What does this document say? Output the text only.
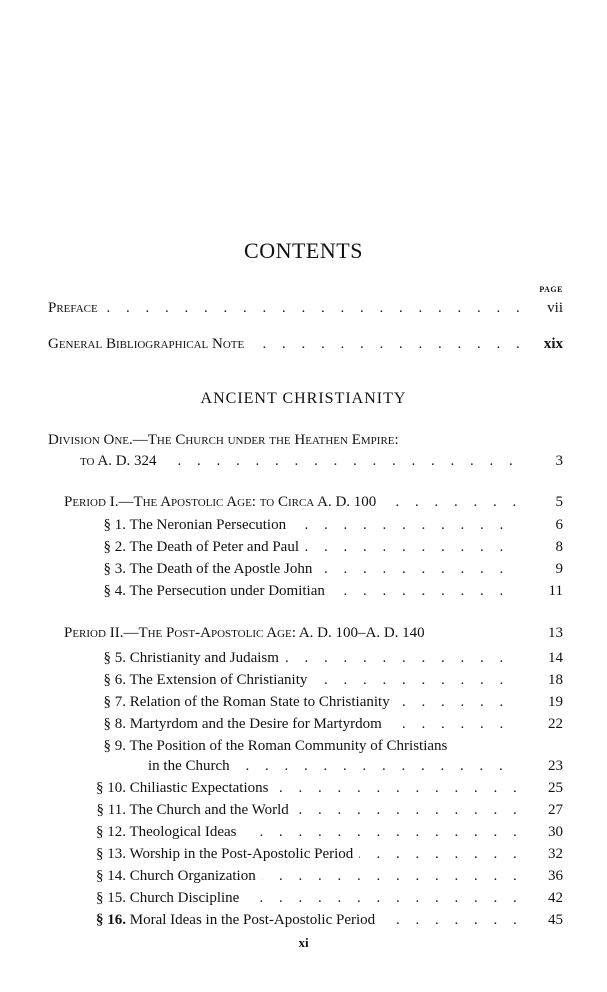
CONTENTS
PAGE
. . .
Preface	vii
. . .
General Bibliographical Note	xix
ANCIENT CHRISTIANITY
Division One.—The Church under the Heathen Empire:
. . .
to A. D. 324	3
. . .
Period I.—The Apostolic Age: to Circa A. D. 100	5
. . .
§ 1. The Neronian Persecution	6
. . .
§ 2. The Death of Peter and Paul	8
. . .
§ 3. The Death of the Apostle John	9
. . .
§ 4. The Persecution under Domitian	11
Period II.—The Post-Apostolic Age: A. D. 100–A. D. 140	13
. . .
§ 5. Christianity and Judaism	14
. . .
§ 6. The Extension of Christianity	18
. . .
§ 7. Relation of the Roman State to Christianity	19
. . .
§ 8. Martyrdom and the Desire for Martyrdom	22
§ 9. The Position of the Roman Community of Christians
. . .
in the Church	23
. . .
§ 10. Chiliastic Expectations	25
. . .
§ 11. The Church and the World	27
. . .
§ 12. Theological Ideas	30
. . .
§ 13. Worship in the Post-Apostolic Period	32
. . .
§ 14. Church Organization	36
. . .
§ 15. Church Discipline	42
. . .
§ 16. Moral Ideas in the Post-Apostolic Period	45
xi
